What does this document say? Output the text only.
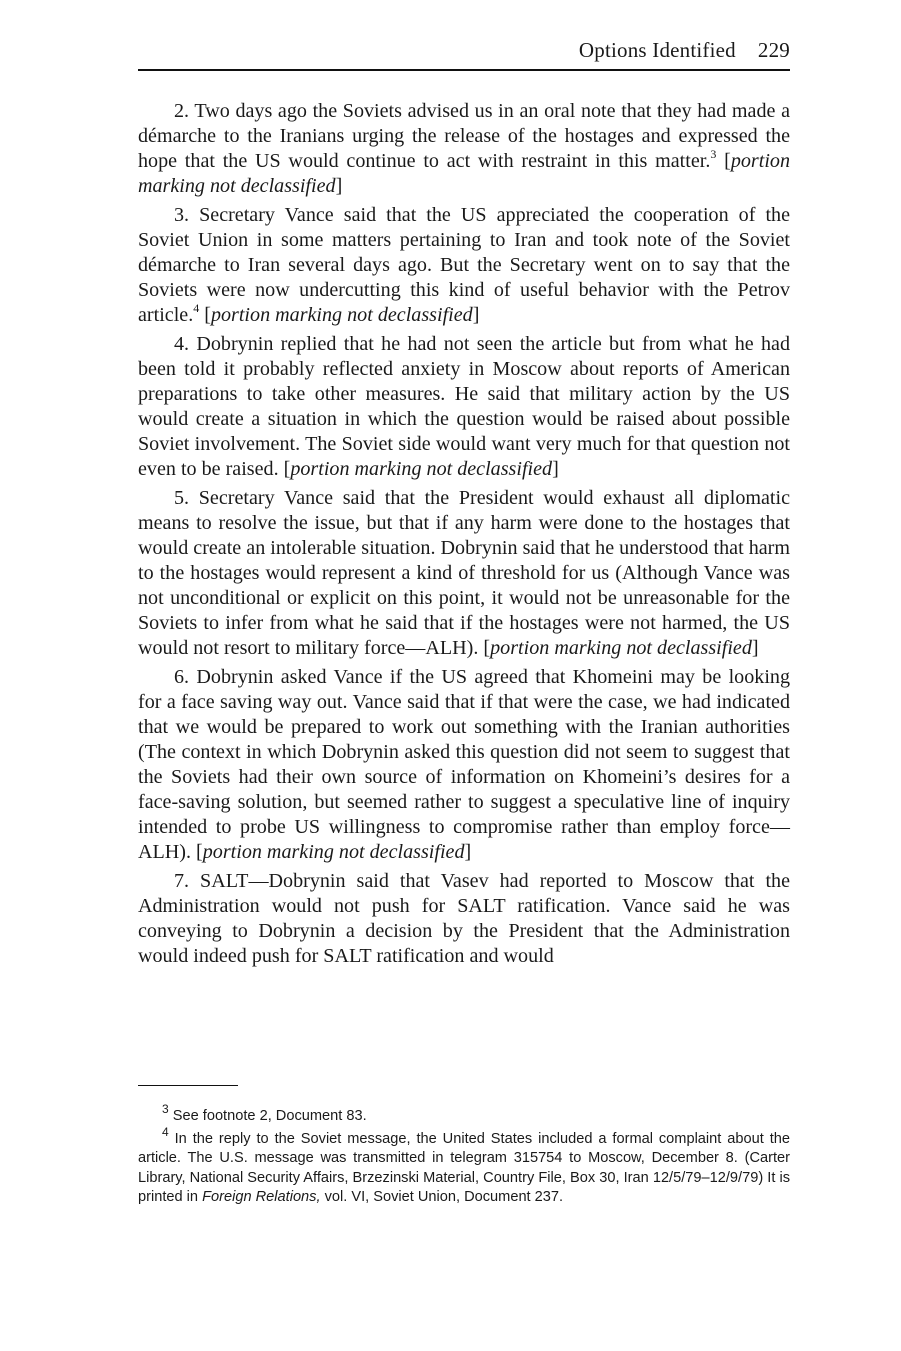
Options Identified 229

2. Two days ago the Soviets advised us in an oral note that they had made a démarche to the Iranians urging the release of the hostages and expressed the hope that the US would continue to act with restraint in this matter.$^3$ [portion marking not declassified]

3. Secretary Vance said that the US appreciated the cooperation of the Soviet Union in some matters pertaining to Iran and took note of the Soviet démarche to Iran several days ago. But the Secretary went on to say that the Soviets were now undercutting this kind of useful behavior with the Petrov article.$^4$ [portion marking not declassified]

4. Dobrynin replied that he had not seen the article but from what he had been told it probably reflected anxiety in Moscow about reports of American preparations to take other measures. He said that military action by the US would create a situation in which the question would be raised about possible Soviet involvement. The Soviet side would want very much for that question not even to be raised. [portion marking not declassified]

5. Secretary Vance said that the President would exhaust all diplomatic means to resolve the issue, but that if any harm were done to the hostages that would create an intolerable situation. Dobrynin said that he understood that harm to the hostages would represent a kind of threshold for us (Although Vance was not unconditional or explicit on this point, it would not be unreasonable for the Soviets to infer from what he said that if the hostages were not harmed, the US would not resort to military force—ALH). [portion marking not declassified]

6. Dobrynin asked Vance if the US agreed that Khomeini may be looking for a face saving way out. Vance said that if that were the case, we had indicated that we would be prepared to work out something with the Iranian authorities (The context in which Dobrynin asked this question did not seem to suggest that the Soviets had their own source of information on Khomeini’s desires for a face-saving solution, but seemed rather to suggest a speculative line of inquiry intended to probe US willingness to compromise rather than employ force—ALH). [portion marking not declassified]

7. SALT—Dobrynin said that Vasev had reported to Moscow that the Administration would not push for SALT ratification. Vance said he was conveying to Dobrynin a decision by the President that the Administration would indeed push for SALT ratification and would

$^3$ See footnote 2, Document 83.

$^4$ In the reply to the Soviet message, the United States included a formal complaint about the article. The U.S. message was transmitted in telegram 315754 to Moscow, December 8. (Carter Library, National Security Affairs, Brzezinski Material, Country File, Box 30, Iran 12/5/79–12/9/79) It is printed in Foreign Relations, vol. VI, Soviet Union, Document 237.
